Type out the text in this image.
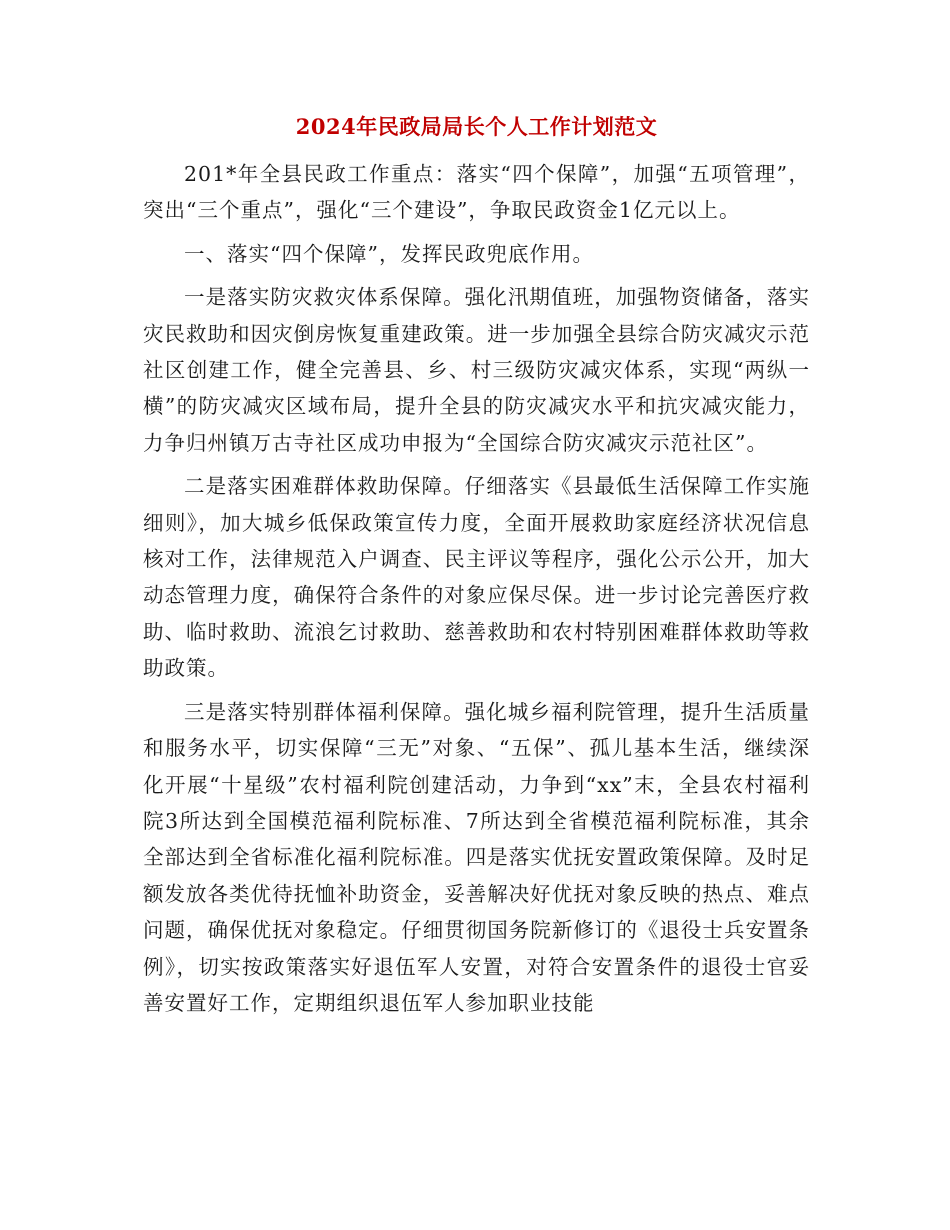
2024年民政局局长个人工作计划范文

201*年全县民政工作重点：落实“四个保障”，加强“五项管理”，突出“三个重点”，强化“三个建设”，争取民政资金1亿元以上。

一、落实“四个保障”，发挥民政兜底作用。

一是落实防灾救灾体系保障。强化汛期值班，加强物资储备，落实灾民救助和因灾倒房恢复重建政策。进一步加强全县综合防灾减灾示范社区创建工作，健全完善县、乡、村三级防灾减灾体系，实现“两纵一横”的防灾减灾区域布局，提升全县的防灾减灾水平和抗灾减灾能力，力争归州镇万古寺社区成功申报为“全国综合防灾减灾示范社区”。

二是落实困难群体救助保障。仔细落实《县最低生活保障工作实施细则》，加大城乡低保政策宣传力度，全面开展救助家庭经济状况信息核对工作，法律规范入户调查、民主评议等程序，强化公示公开，加大动态管理力度，确保符合条件的对象应保尽保。进一步讨论完善医疗救助、临时救助、流浪乞讨救助、慈善救助和农村特别困难群体救助等救助政策。

三是落实特别群体福利保障。强化城乡福利院管理，提升生活质量和服务水平，切实保障“三无”对象、“五保”、孤儿基本生活，继续深化开展“十星级”农村福利院创建活动，力争到“xx”末，全县农村福利院3所达到全国模范福利院标准、7所达到全省模范福利院标准，其余全部达到全省标准化福利院标准。四是落实优抚安置政策保障。及时足额发放各类优待抚恤补助资金，妥善解决好优抚对象反映的热点、难点问题，确保优抚对象稳定。仔细贯彻国务院新修订的《退役士兵安置条例》，切实按政策落实好退伍军人安置，对符合安置条件的退役士官妥善安置好工作，定期组织退伍军人参加职业技能
